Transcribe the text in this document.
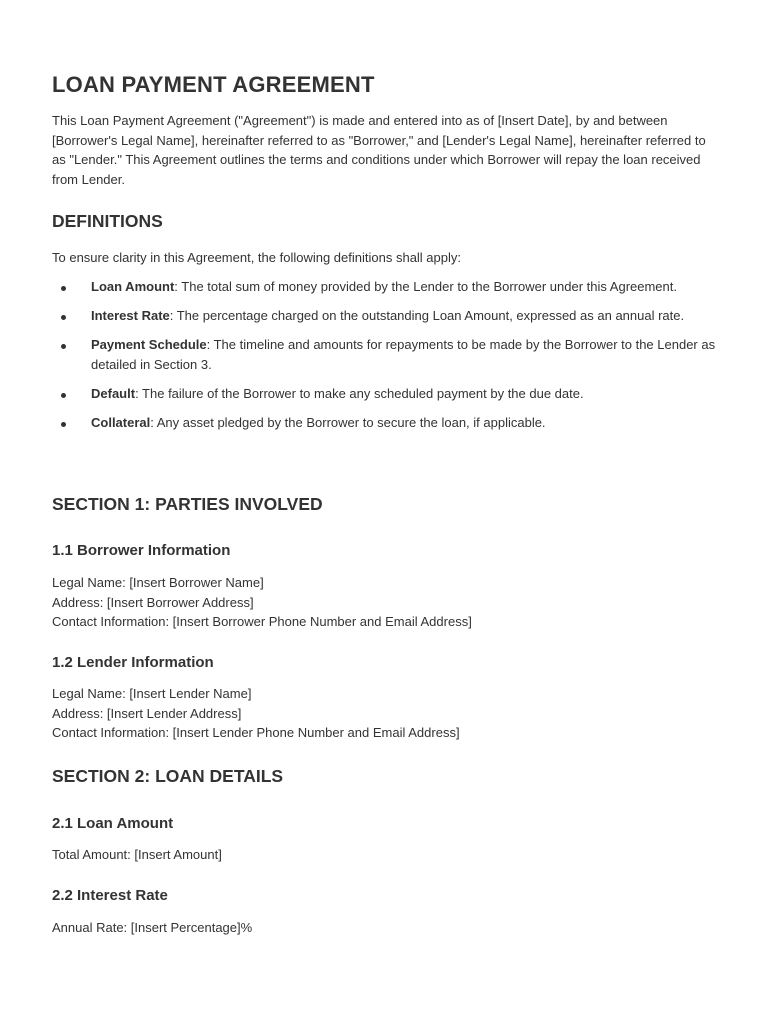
LOAN PAYMENT AGREEMENT

This Loan Payment Agreement ("Agreement") is made and entered into as of [Insert Date], by and between [Borrower's Legal Name], hereinafter referred to as "Borrower," and [Lender's Legal Name], hereinafter referred to as "Lender." This Agreement outlines the terms and conditions under which Borrower will repay the loan received from Lender.

DEFINITIONS

To ensure clarity in this Agreement, the following definitions shall apply:

Loan Amount: The total sum of money provided by the Lender to the Borrower under this Agreement.
Interest Rate: The percentage charged on the outstanding Loan Amount, expressed as an annual rate.
Payment Schedule: The timeline and amounts for repayments to be made by the Borrower to the Lender as detailed in Section 3.
Default: The failure of the Borrower to make any scheduled payment by the due date.
Collateral: Any asset pledged by the Borrower to secure the loan, if applicable.
SECTION 1: PARTIES INVOLVED
1.1 Borrower Information

Legal Name: [Insert Borrower Name]

Address: [Insert Borrower Address]

Contact Information: [Insert Borrower Phone Number and Email Address]

1.2 Lender Information

Legal Name: [Insert Lender Name]

Address: [Insert Lender Address]

Contact Information: [Insert Lender Phone Number and Email Address]

SECTION 2: LOAN DETAILS
2.1 Loan Amount

Total Amount: [Insert Amount]

2.2 Interest Rate

Annual Rate: [Insert Percentage]%
